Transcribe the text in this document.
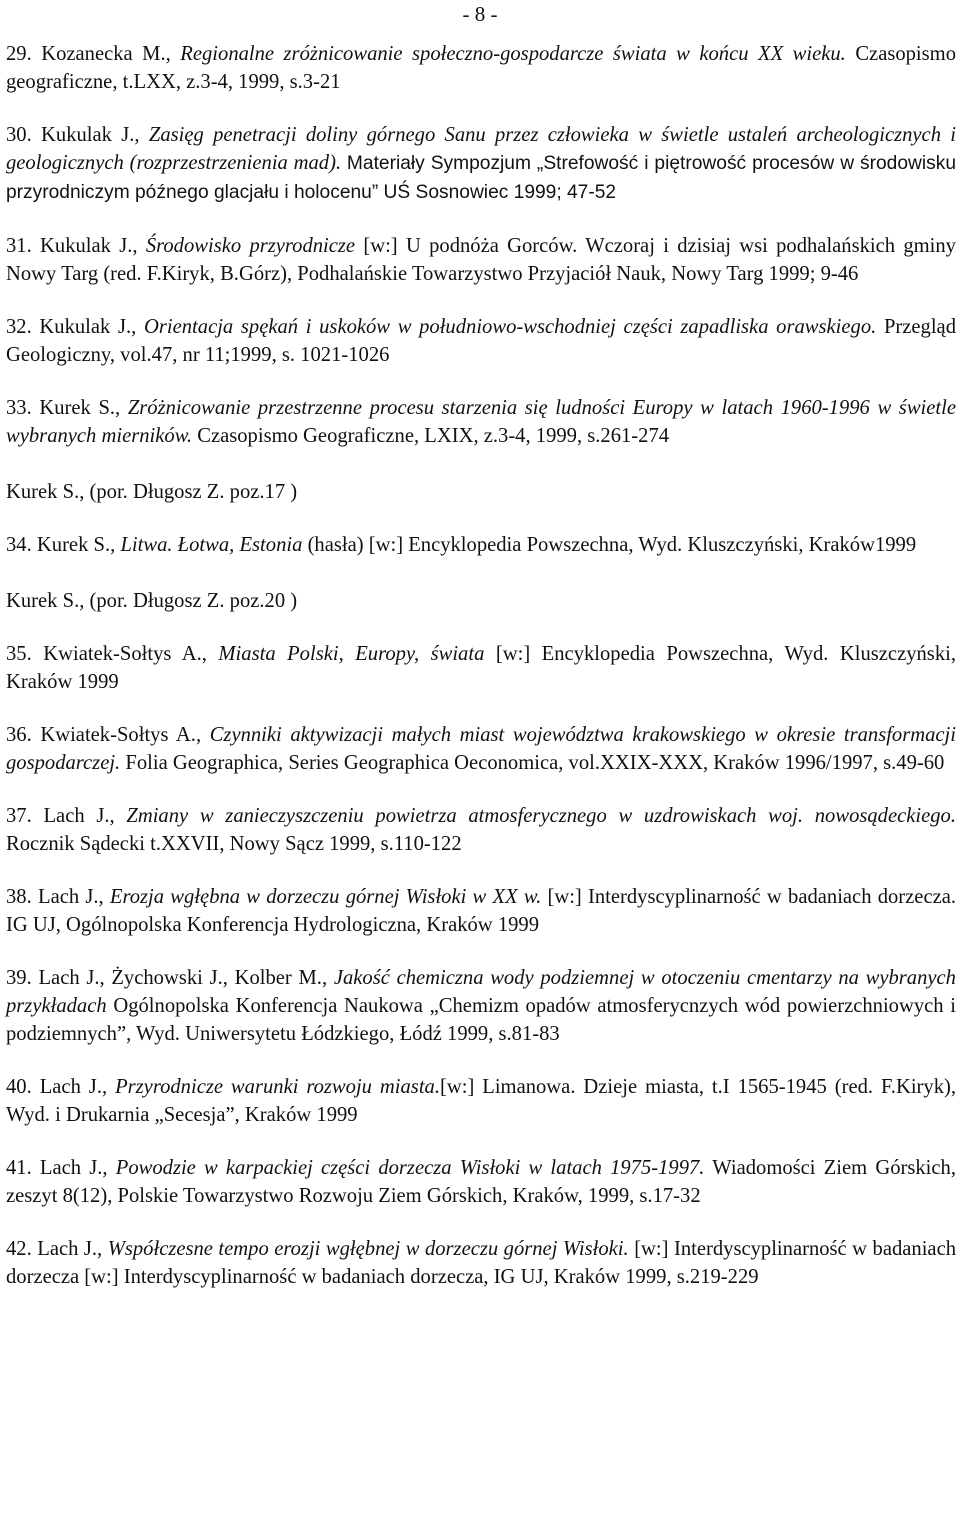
- 8 -

29. Kozanecka M., Regionalne zróżnicowanie społeczno-gospodarcze świata w końcu XX wieku. Czasopismo geograficzne, t.LXX, z.3-4, 1999, s.3-21

30. Kukulak J., Zasięg penetracji doliny górnego Sanu przez człowieka w świetle ustaleń archeologicznych i geologicznych (rozprzestrzenienia mad). Materiały Sympozjum „Strefowość i piętrowość procesów w środowisku przyrodniczym późnego glacjału i holocenu” UŚ Sosnowiec 1999; 47-52

31. Kukulak J., Środowisko przyrodnicze [w:] U podnóża Gorców. Wczoraj i dzisiaj wsi podhalańskich gminy Nowy Targ (red. F.Kiryk, B.Górz), Podhalańskie Towarzystwo Przyjaciół Nauk, Nowy Targ 1999; 9-46

32. Kukulak J., Orientacja spękań i uskoków w południowo-wschodniej części zapadliska orawskiego. Przegląd Geologiczny, vol.47, nr 11;1999, s. 1021-1026

33. Kurek S., Zróżnicowanie przestrzenne procesu starzenia się ludności Europy w latach 1960-1996 w świetle wybranych mierników. Czasopismo Geograficzne, LXIX, z.3-4, 1999, s.261-274

Kurek S., (por. Długosz Z. poz.17 )

34. Kurek S., Litwa. Łotwa, Estonia (hasła) [w:] Encyklopedia Powszechna, Wyd. Kluszczyński, Kraków1999

Kurek S., (por. Długosz Z. poz.20 )

35. Kwiatek-Sołtys A., Miasta Polski, Europy, świata [w:] Encyklopedia Powszechna, Wyd. Kluszczyński, Kraków 1999

36. Kwiatek-Sołtys A., Czynniki aktywizacji małych miast województwa krakowskiego w okresie transformacji gospodarczej. Folia Geographica, Series Geographica Oeconomica, vol.XXIX-XXX, Kraków 1996/1997, s.49-60

37. Lach J., Zmiany w zanieczyszczeniu powietrza atmosferycznego w uzdrowiskach woj. nowosądeckiego. Rocznik Sądecki t.XXVII, Nowy Sącz 1999, s.110-122

38. Lach J., Erozja wgłębna w dorzeczu górnej Wisłoki w XX w. [w:] Interdyscyplinarność w badaniach dorzecza. IG UJ, Ogólnopolska Konferencja Hydrologiczna, Kraków 1999

39. Lach J., Żychowski J., Kolber M., Jakość chemiczna wody podziemnej w otoczeniu cmentarzy na wybranych przykładach Ogólnopolska Konferencja Naukowa „Chemizm opadów atmosferycnzych wód powierzchniowych i podziemnych”, Wyd. Uniwersytetu Łódzkiego, Łódź 1999, s.81-83

40. Lach J., Przyrodnicze warunki rozwoju miasta.[w:] Limanowa. Dzieje miasta, t.I 1565-1945 (red. F.Kiryk), Wyd. i Drukarnia „Secesja”, Kraków 1999

41. Lach J., Powodzie w karpackiej części dorzecza Wisłoki w latach 1975-1997. Wiadomości Ziem Górskich, zeszyt 8(12), Polskie Towarzystwo Rozwoju Ziem Górskich, Kraków, 1999, s.17-32

42. Lach J., Współczesne tempo erozji wgłębnej w dorzeczu górnej Wisłoki. [w:] Interdyscyplinarność w badaniach dorzecza [w:] Interdyscyplinarność w badaniach dorzecza, IG UJ, Kraków 1999, s.219-229
